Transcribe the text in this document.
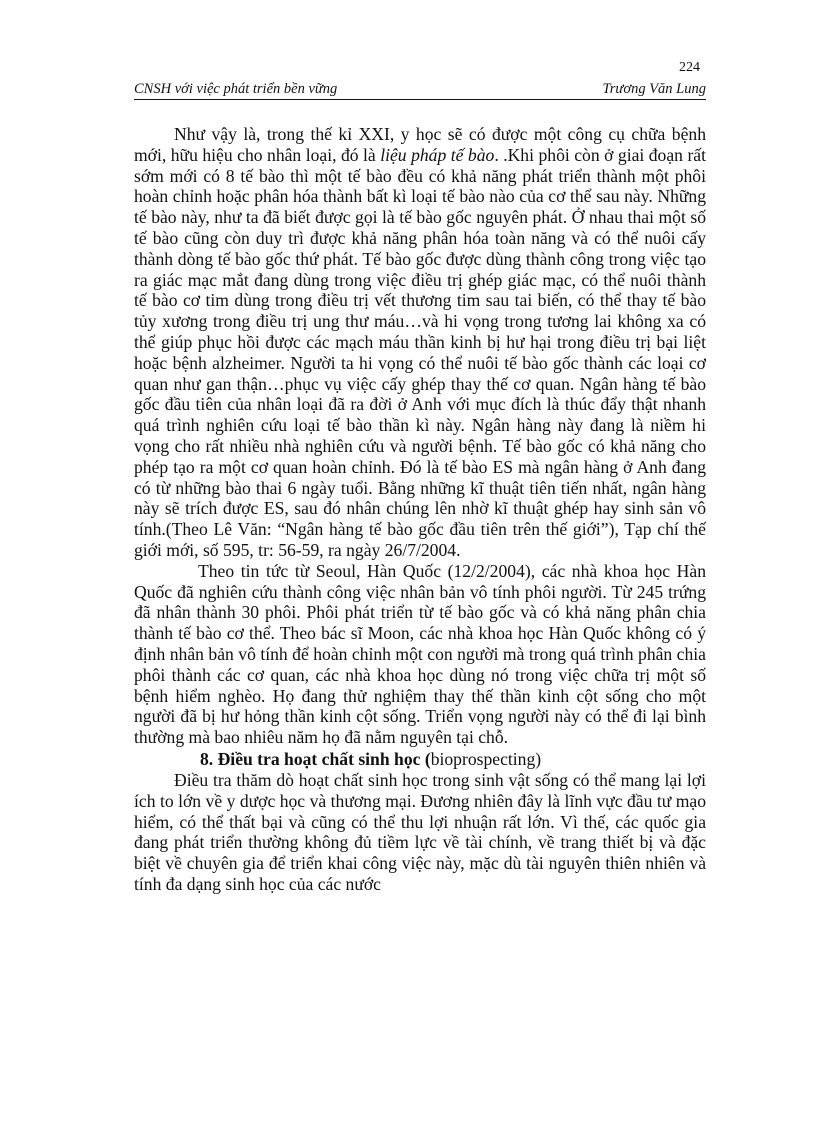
224
CNSH với việc phát triển bền vững	Trương Văn Lung

Như vậy là, trong thế kỉ XXI, y học sẽ có được một công cụ chữa bệnh mới, hữu hiệu cho nhân loại, đó là liệu pháp tế bào. .Khi phôi còn ở giai đoạn rất sớm mới có 8 tế bào thì một tế bào đều có khả năng phát triển thành một phôi hoàn chỉnh hoặc phân hóa thành bất kì loại tế bào nào của cơ thể sau này. Những tế bào này, như ta đã biết được gọi là tế bào gốc nguyên phát. Ở nhau thai một số tế bào cũng còn duy trì được khả năng phân hóa toàn năng và có thể nuôi cấy thành dòng tế bào gốc thứ phát. Tế bào gốc được dùng thành công trong việc tạo ra giác mạc mắt đang dùng trong việc điều trị ghép giác mạc, có thể nuôi thành tế bào cơ tim dùng trong điều trị vết thương tim sau tai biến, có thể thay tế bào tủy xương trong điều trị ung thư máu…và hi vọng trong tương lai không xa có thể giúp phục hồi được các mạch máu thần kinh bị hư hại trong điều trị bại liệt hoặc bệnh alzheimer. Người ta hi vọng có thể nuôi tế bào gốc thành các loại cơ quan như gan thận…phục vụ việc cấy ghép thay thế cơ quan. Ngân hàng tế bào gốc đầu tiên của nhân loại đã ra đời ở Anh với mục đích là thúc đẩy thật nhanh quá trình nghiên cứu loại tế bào thần kì này. Ngân hàng này đang là niềm hi vọng cho rất nhiều nhà nghiên cứu và người bệnh. Tế bào gốc có khả năng cho phép tạo ra một cơ quan hoàn chỉnh. Đó là tế bào ES mà ngân hàng ở Anh đang có từ những bào thai 6 ngày tuổi. Bằng những kĩ thuật tiên tiến nhất, ngân hàng này sẽ trích được ES, sau đó nhân chúng lên nhờ kĩ thuật ghép hay sinh sản vô tính.(Theo Lê Văn: “Ngân hàng tế bào gốc đầu tiên trên thế giới”), Tạp chí thế giới mới, số 595, tr: 56-59, ra ngày 26/7/2004.

Theo tin tức từ Seoul, Hàn Quốc (12/2/2004), các nhà khoa học Hàn Quốc đã nghiên cứu thành công việc nhân bản vô tính phôi người. Từ 245 trứng đã nhân thành 30 phôi. Phôi phát triển từ tế bào gốc và có khả năng phân chia thành tế bào cơ thể. Theo bác sĩ Moon, các nhà khoa học Hàn Quốc không có ý định nhân bản vô tính để hoàn chỉnh một con người mà trong quá trình phân chia phôi thành các cơ quan, các nhà khoa học dùng nó trong việc chữa trị một số bệnh hiểm nghèo. Họ đang thử nghiệm thay thế thần kinh cột sống cho một người đã bị hư hỏng thần kinh cột sống. Triển vọng người này có thể đi lại bình thường mà bao nhiêu năm họ đã nằm nguyên tại chỗ.

8. Điều tra hoạt chất sinh học (bioprospecting)

Điều tra thăm dò hoạt chất sinh học trong sinh vật sống có thể mang lại lợi ích to lớn về y dược học và thương mại. Đương nhiên đây là lĩnh vực đầu tư mạo hiểm, có thể thất bại và cũng có thể thu lợi nhuận rất lớn. Vì thế, các quốc gia đang phát triển thường không đủ tiềm lực về tài chính, về trang thiết bị và đặc biệt về chuyên gia để triển khai công việc này, mặc dù tài nguyên thiên nhiên và tính đa dạng sinh học của các nước
